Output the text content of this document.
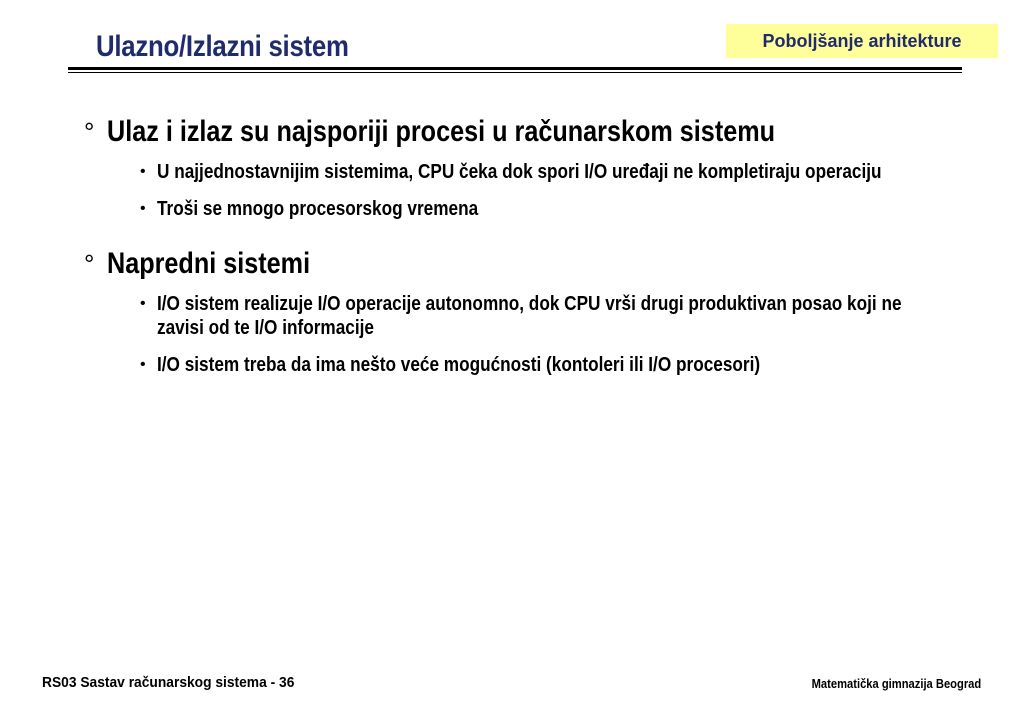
Ulazno/Izlazni sistem	Poboljšanje arhitekture
° Ulaz i izlaz su najsporiji procesi u računarskom sistemu
• U najjednostavnijim sistemima, CPU čeka dok spori I/O uređaji ne kompletiraju operaciju
• Troši se mnogo procesorskog vremena
° Napredni sistemi
• I/O sistem realizuje I/O operacije autonomno, dok CPU vrši drugi produktivan posao koji ne zavisi od te I/O informacije
• I/O sistem treba da ima nešto veće mogućnosti (kontoleri ili I/O procesori)
RS03 Sastav računarskog sistema - 36	Matematička gimnazija Beograd
